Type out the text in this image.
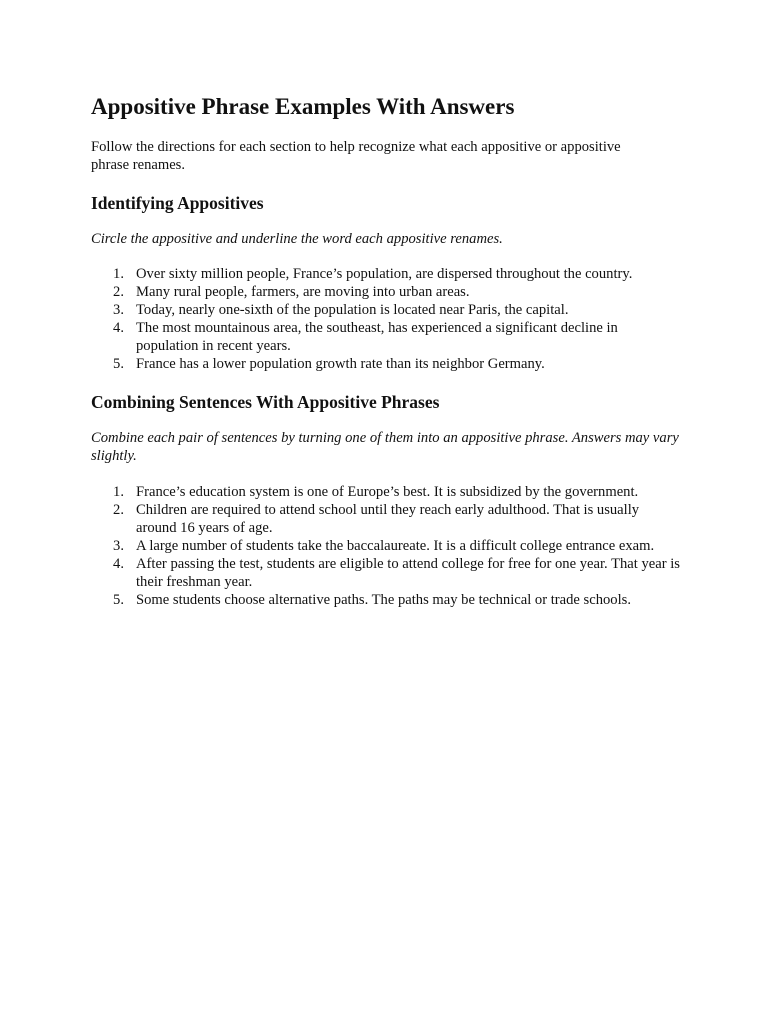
Appositive Phrase Examples With Answers

Follow the directions for each section to help recognize what each appositive or appositive phrase renames.

Identifying Appositives

Circle the appositive and underline the word each appositive renames.

1. Over sixty million people, France’s population, are dispersed throughout the country.
2. Many rural people, farmers, are moving into urban areas.
3. Today, nearly one-sixth of the population is located near Paris, the capital.
4. The most mountainous area, the southeast, has experienced a significant decline in population in recent years.
5. France has a lower population growth rate than its neighbor Germany.
Combining Sentences With Appositive Phrases

Combine each pair of sentences by turning one of them into an appositive phrase. Answers may vary slightly.

1. France’s education system is one of Europe’s best. It is subsidized by the government.
2. Children are required to attend school until they reach early adulthood. That is usually around 16 years of age.
3. A large number of students take the baccalaureate. It is a difficult college entrance exam.
4. After passing the test, students are eligible to attend college for free for one year. That year is their freshman year.
5. Some students choose alternative paths. The paths may be technical or trade schools.
